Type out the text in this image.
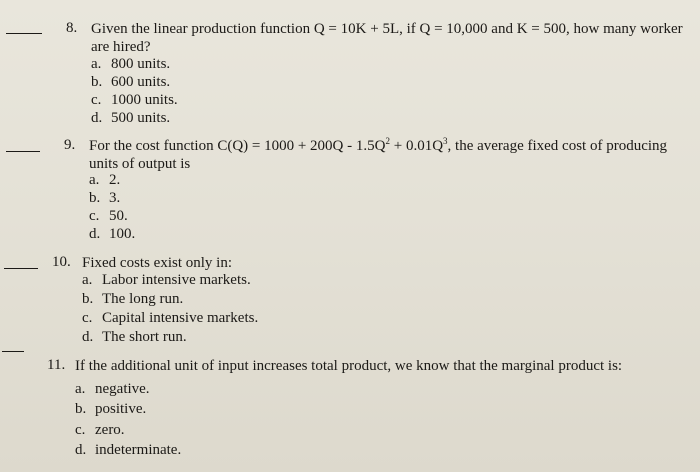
8. Given the linear production function Q = 10K + 5L, if Q = 10,000 and K = 500, how many worker
are hired?
a. 800 units.
b. 600 units.
c. 1000 units.
d. 500 units.
9. For the cost function $C(Q) = 1000 + 200Q - 1.5Q^2 + 0.01Q^3$, the average fixed cost of producing
units of output is
a. 2.
b. 3.
c. 50.
d. 100.
10. Fixed costs exist only in:
a. Labor intensive markets.
b. The long run.
c. Capital intensive markets.
d. The short run.
11. If the additional unit of input increases total product, we know that the marginal product is:
a. negative.
b. positive.
c. zero.
d. indeterminate.
